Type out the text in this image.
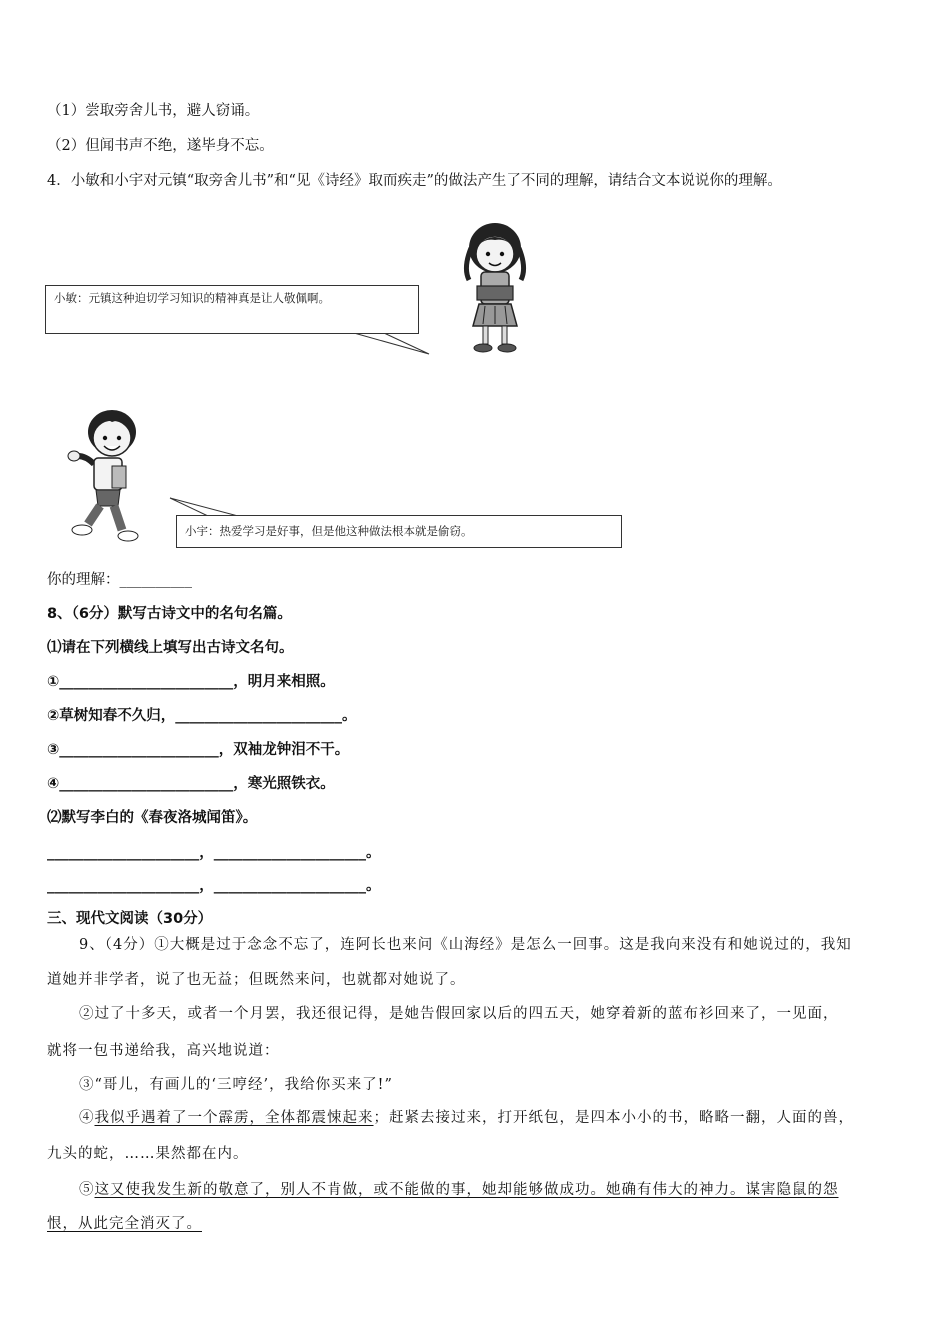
（1）尝取旁舍儿书，避人窃诵。
（2）但闻书声不绝，遂毕身不忘。
4．小敏和小宇对元镇“取旁舍儿书”和“见《诗经》取而疾走”的做法产生了不同的理解，请结合文本说说你的理解。
小敏：元镇这种迫切学习知识的精神真是让人敬佩啊。
小宇：热爱学习是好事，但是他这种做法根本就是偷窃。
你的理解：__________
8、（6分）默写古诗文中的名句名篇。
⑴请在下列横线上填写出古诗文名句。
①________________________，明月来相照。
②草树知春不久归，_______________________。
③______________________，双袖龙钟泪不干。
④________________________，寒光照铁衣。
⑵默写李白的《春夜洛城闻笛》。
_____________________，_____________________。
_____________________，_____________________。
三、现代文阅读（30分）
9、（4分）①大概是过于念念不忘了，连阿长也来问《山海经》是怎么一回事。这是我向来没有和她说过的，我知
道她并非学者，说了也无益；但既然来问，也就都对她说了。
②过了十多天，或者一个月罢，我还很记得，是她告假回家以后的四五天，她穿着新的蓝布衫回来了，一见面，
就将一包书递给我，高兴地说道：
③“哥儿，有画儿的‘三哼经’，我给你买来了!”
④我似乎遇着了一个霹雳，全体都震悚起来；赶紧去接过来，打开纸包，是四本小小的书，略略一翻，人面的兽，
九头的蛇，……果然都在内。
⑤这又使我发生新的敬意了，别人不肯做，或不能做的事，她却能够做成功。她确有伟大的神力。谋害隐鼠的怨
恨，从此完全消灭了。
